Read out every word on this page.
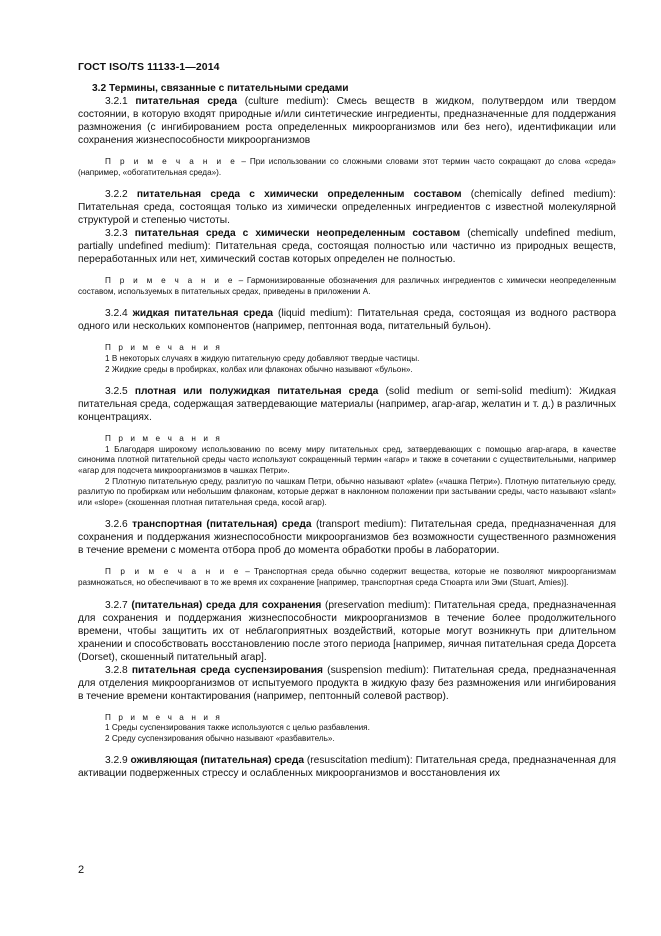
ГОСТ ISO/TS 11133-1—2014

3.2 Термины, связанные с питательными средами

3.2.1 питательная среда (culture medium): Смесь веществ в жидком, полутвердом или твердом состоянии, в которую входят природные и/или синтетические ингредиенты, предназначенные для поддержания размножения (с ингибированием роста определенных микроорганизмов или без него), идентификации или сохранения жизнеспособности микроорганизмов

П р и м е ч а н и е – При использовании со сложными словами этот термин часто сокращают до слова «среда» (например, «обогатительная среда»).

3.2.2 питательная среда с химически определенным составом (chemically defined medium): Питательная среда, состоящая только из химически определенных ингредиентов с известной молекулярной структурой и степенью чистоты.

3.2.3 питательная среда с химически неопределенным составом (chemically undefined medium, partially undefined medium): Питательная среда, состоящая полностью или частично из природных веществ, переработанных или нет, химический состав которых определен не полностью.

П р и м е ч а н и е – Гармонизированные обозначения для различных ингредиентов с химически неопределенным составом, используемых в питательных средах, приведены в приложении А.

3.2.4 жидкая питательная среда (liquid medium): Питательная среда, состоящая из водного раствора одного или нескольких компонентов (например, пептонная вода, питательный бульон).

П р и м е ч а н и я

1 В некоторых случаях в жидкую питательную среду добавляют твердые частицы.

2 Жидкие среды в пробирках, колбах или флаконах обычно называют «бульон».

3.2.5 плотная или полужидкая питательная среда (solid medium or semi-solid medium): Жидкая питательная среда, содержащая затвердевающие материалы (например, агар-агар, желатин и т. д.) в различных концентрациях.

П р и м е ч а н и я

1 Благодаря широкому использованию по всему миру питательных сред, затвердевающих с помощью агар-агара, в качестве синонима плотной питательной среды часто используют сокращенный термин «агар» и также в сочетании с существительными, например «агар для подсчета микроорганизмов в чашках Петри».

2 Плотную питательную среду, разлитую по чашкам Петри, обычно называют «plate» («чашка Петри»). Плотную питательную среду, разлитую по пробиркам или небольшим флаконам, которые держат в наклонном положении при застывании среды, часто называют «slant» или «slope» (скошенная плотная питательная среда, косой агар).

3.2.6 транспортная (питательная) среда (transport medium): Питательная среда, предназначенная для сохранения и поддержания жизнеспособности микроорганизмов без возможности существенного размножения в течение времени с момента отбора проб до момента обработки пробы в лаборатории.

П р и м е ч а н и е – Транспортная среда обычно содержит вещества, которые не позволяют микроорганизмам размножаться, но обеспечивают в то же время их сохранение [например, транспортная среда Стюарта или Эми (Stuart, Amies)].

3.2.7 (питательная) среда для сохранения (preservation medium): Питательная среда, предназначенная для сохранения и поддержания жизнеспособности микроорганизмов в течение более продолжительного времени, чтобы защитить их от неблагоприятных воздействий, которые могут возникнуть при длительном хранении и способствовать восстановлению после этого периода [например, яичная питательная среда Дорсета (Dorset), скошенный питательный агар].

3.2.8 питательная среда суспензирования (suspension medium): Питательная среда, предназначенная для отделения микроорганизмов от испытуемого продукта в жидкую фазу без размножения или ингибирования в течение времени контактирования (например, пептонный солевой раствор).

П р и м е ч а н и я

1 Среды суспензирования также используются с целью разбавления.

2 Среду суспензирования обычно называют «разбавитель».

3.2.9 оживляющая (питательная) среда (resuscitation medium): Питательная среда, предназначенная для активации подверженных стрессу и ослабленных микроорганизмов и восстановления их

2
